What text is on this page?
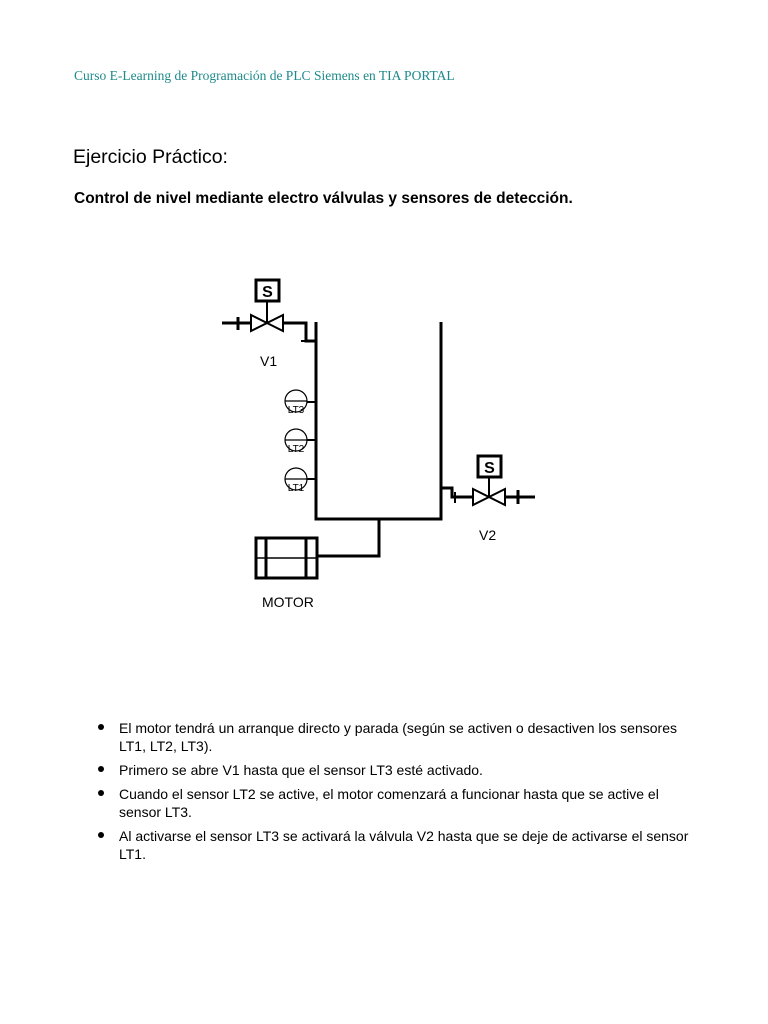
Curso E-Learning de Programación de PLC Siemens en TIA PORTAL
Ejercicio Práctico:
Control de nivel mediante electro válvulas y sensores de detección.
S
V1
S
V2
LT3
LT2
LT1
MOTOR
El motor tendrá un arranque directo y parada (según se activen o desactiven los sensores LT1, LT2, LT3).
Primero se abre V1 hasta que el sensor LT3 esté activado.
Cuando el sensor LT2 se active, el motor comenzará a funcionar hasta que se active el sensor LT3.
Al activarse el sensor LT3 se activará la válvula V2 hasta que se deje de activarse el sensor LT1.
